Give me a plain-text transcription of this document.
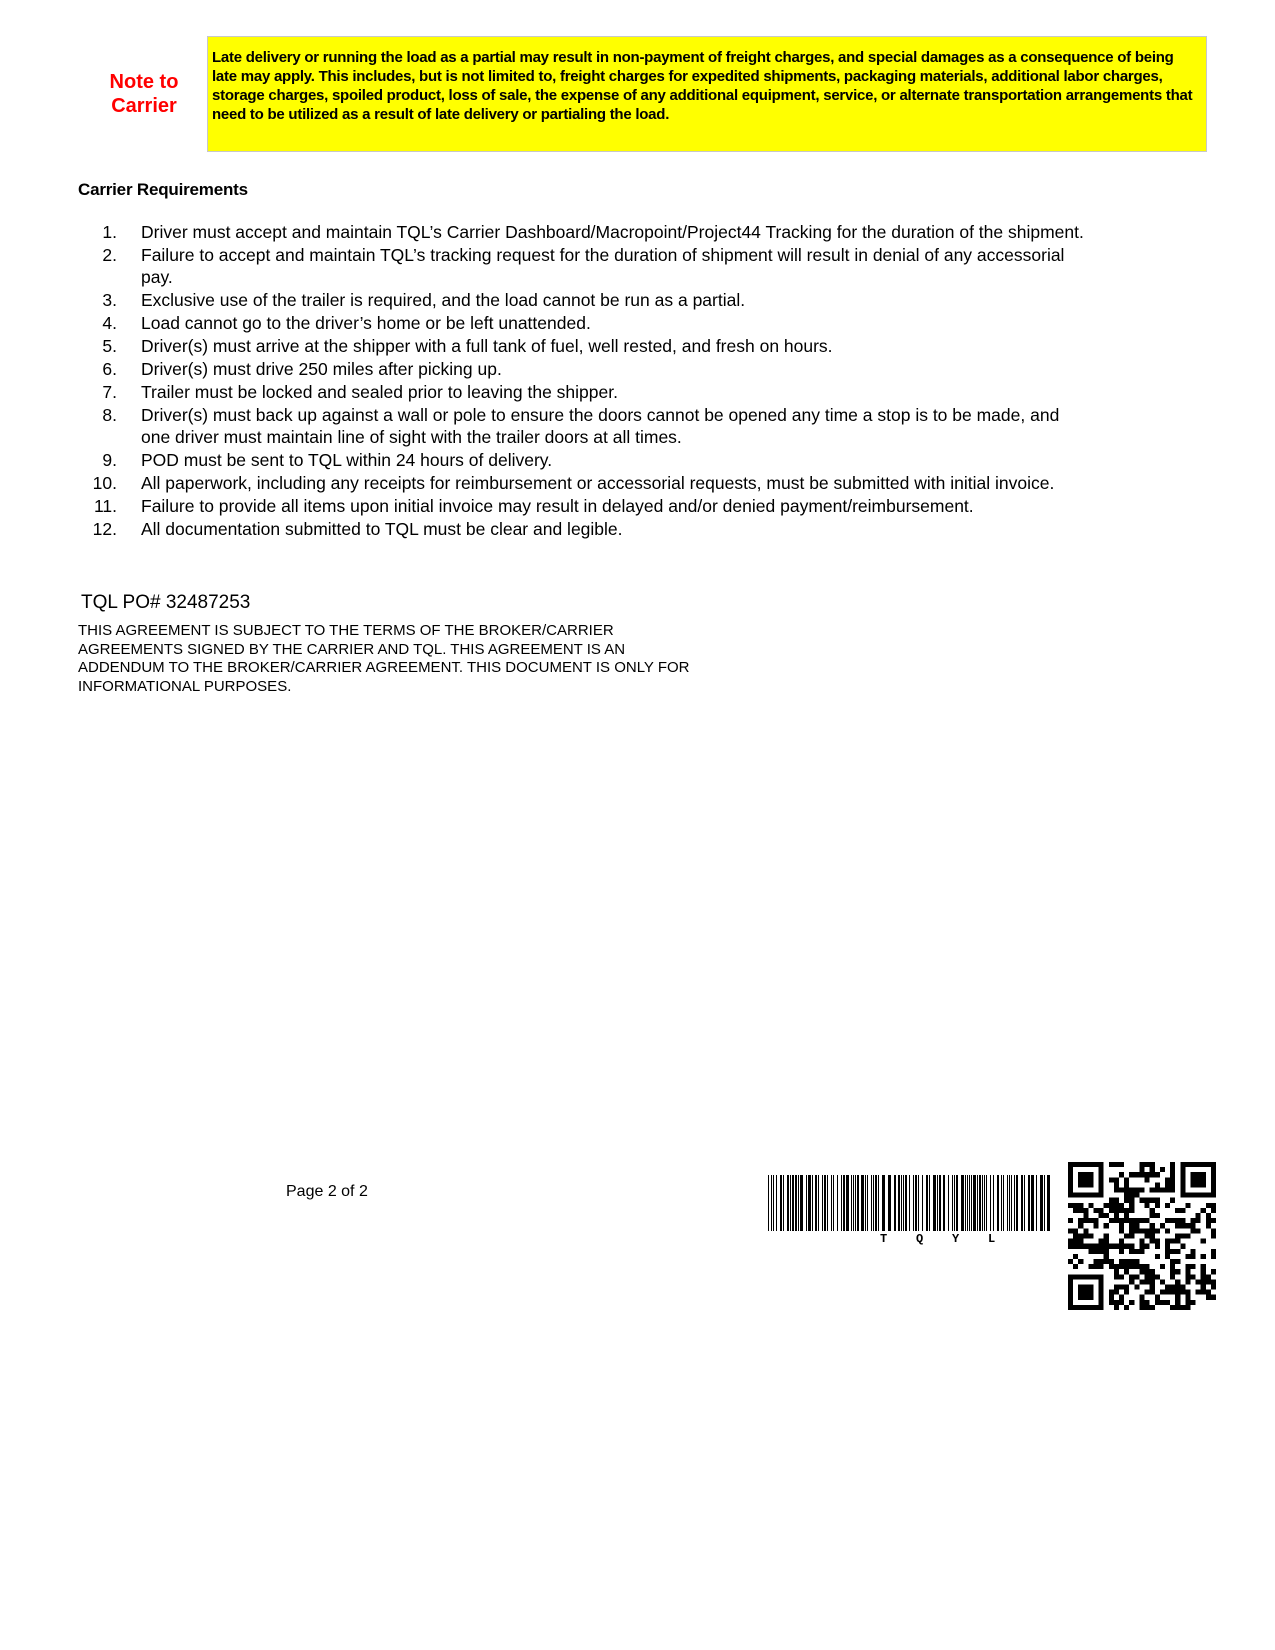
Note to
Carrier
Late delivery or running the load as a partial may result in non-payment of freight charges, and special damages as a consequence of being late may apply. This includes, but is not limited to, freight charges for expedited shipments, packaging materials, additional labor charges, storage charges, spoiled product, loss of sale, the expense of any additional equipment, service, or alternate transportation arrangements that need to be utilized as a result of late delivery or partialing the load.
Carrier Requirements
1. Driver must accept and maintain TQL’s Carrier Dashboard/Macropoint/Project44 Tracking for the duration of the shipment.
2. Failure to accept and maintain TQL’s tracking request for the duration of shipment will result in denial of any accessorial pay.
3. Exclusive use of the trailer is required, and the load cannot be run as a partial.
4. Load cannot go to the driver’s home or be left unattended.
5. Driver(s) must arrive at the shipper with a full tank of fuel, well rested, and fresh on hours.
6. Driver(s) must drive 250 miles after picking up.
7. Trailer must be locked and sealed prior to leaving the shipper.
8. Driver(s) must back up against a wall or pole to ensure the doors cannot be opened any time a stop is to be made, and one driver must maintain line of sight with the trailer doors at all times.
9. POD must be sent to TQL within 24 hours of delivery.
10. All paperwork, including any receipts for reimbursement or accessorial requests, must be submitted with initial invoice.
11. Failure to provide all items upon initial invoice may result in delayed and/or denied payment/reimbursement.
12. All documentation submitted to TQL must be clear and legible.
TQL PO# 32487253
THIS AGREEMENT IS SUBJECT TO THE TERMS OF THE BROKER/CARRIER
AGREEMENTS SIGNED BY THE CARRIER AND TQL. THIS AGREEMENT IS AN
ADDENDUM TO THE BROKER/CARRIER AGREEMENT. THIS DOCUMENT IS ONLY FOR
INFORMATIONAL PURPOSES.
Page 2 of 2
T Q Y L
